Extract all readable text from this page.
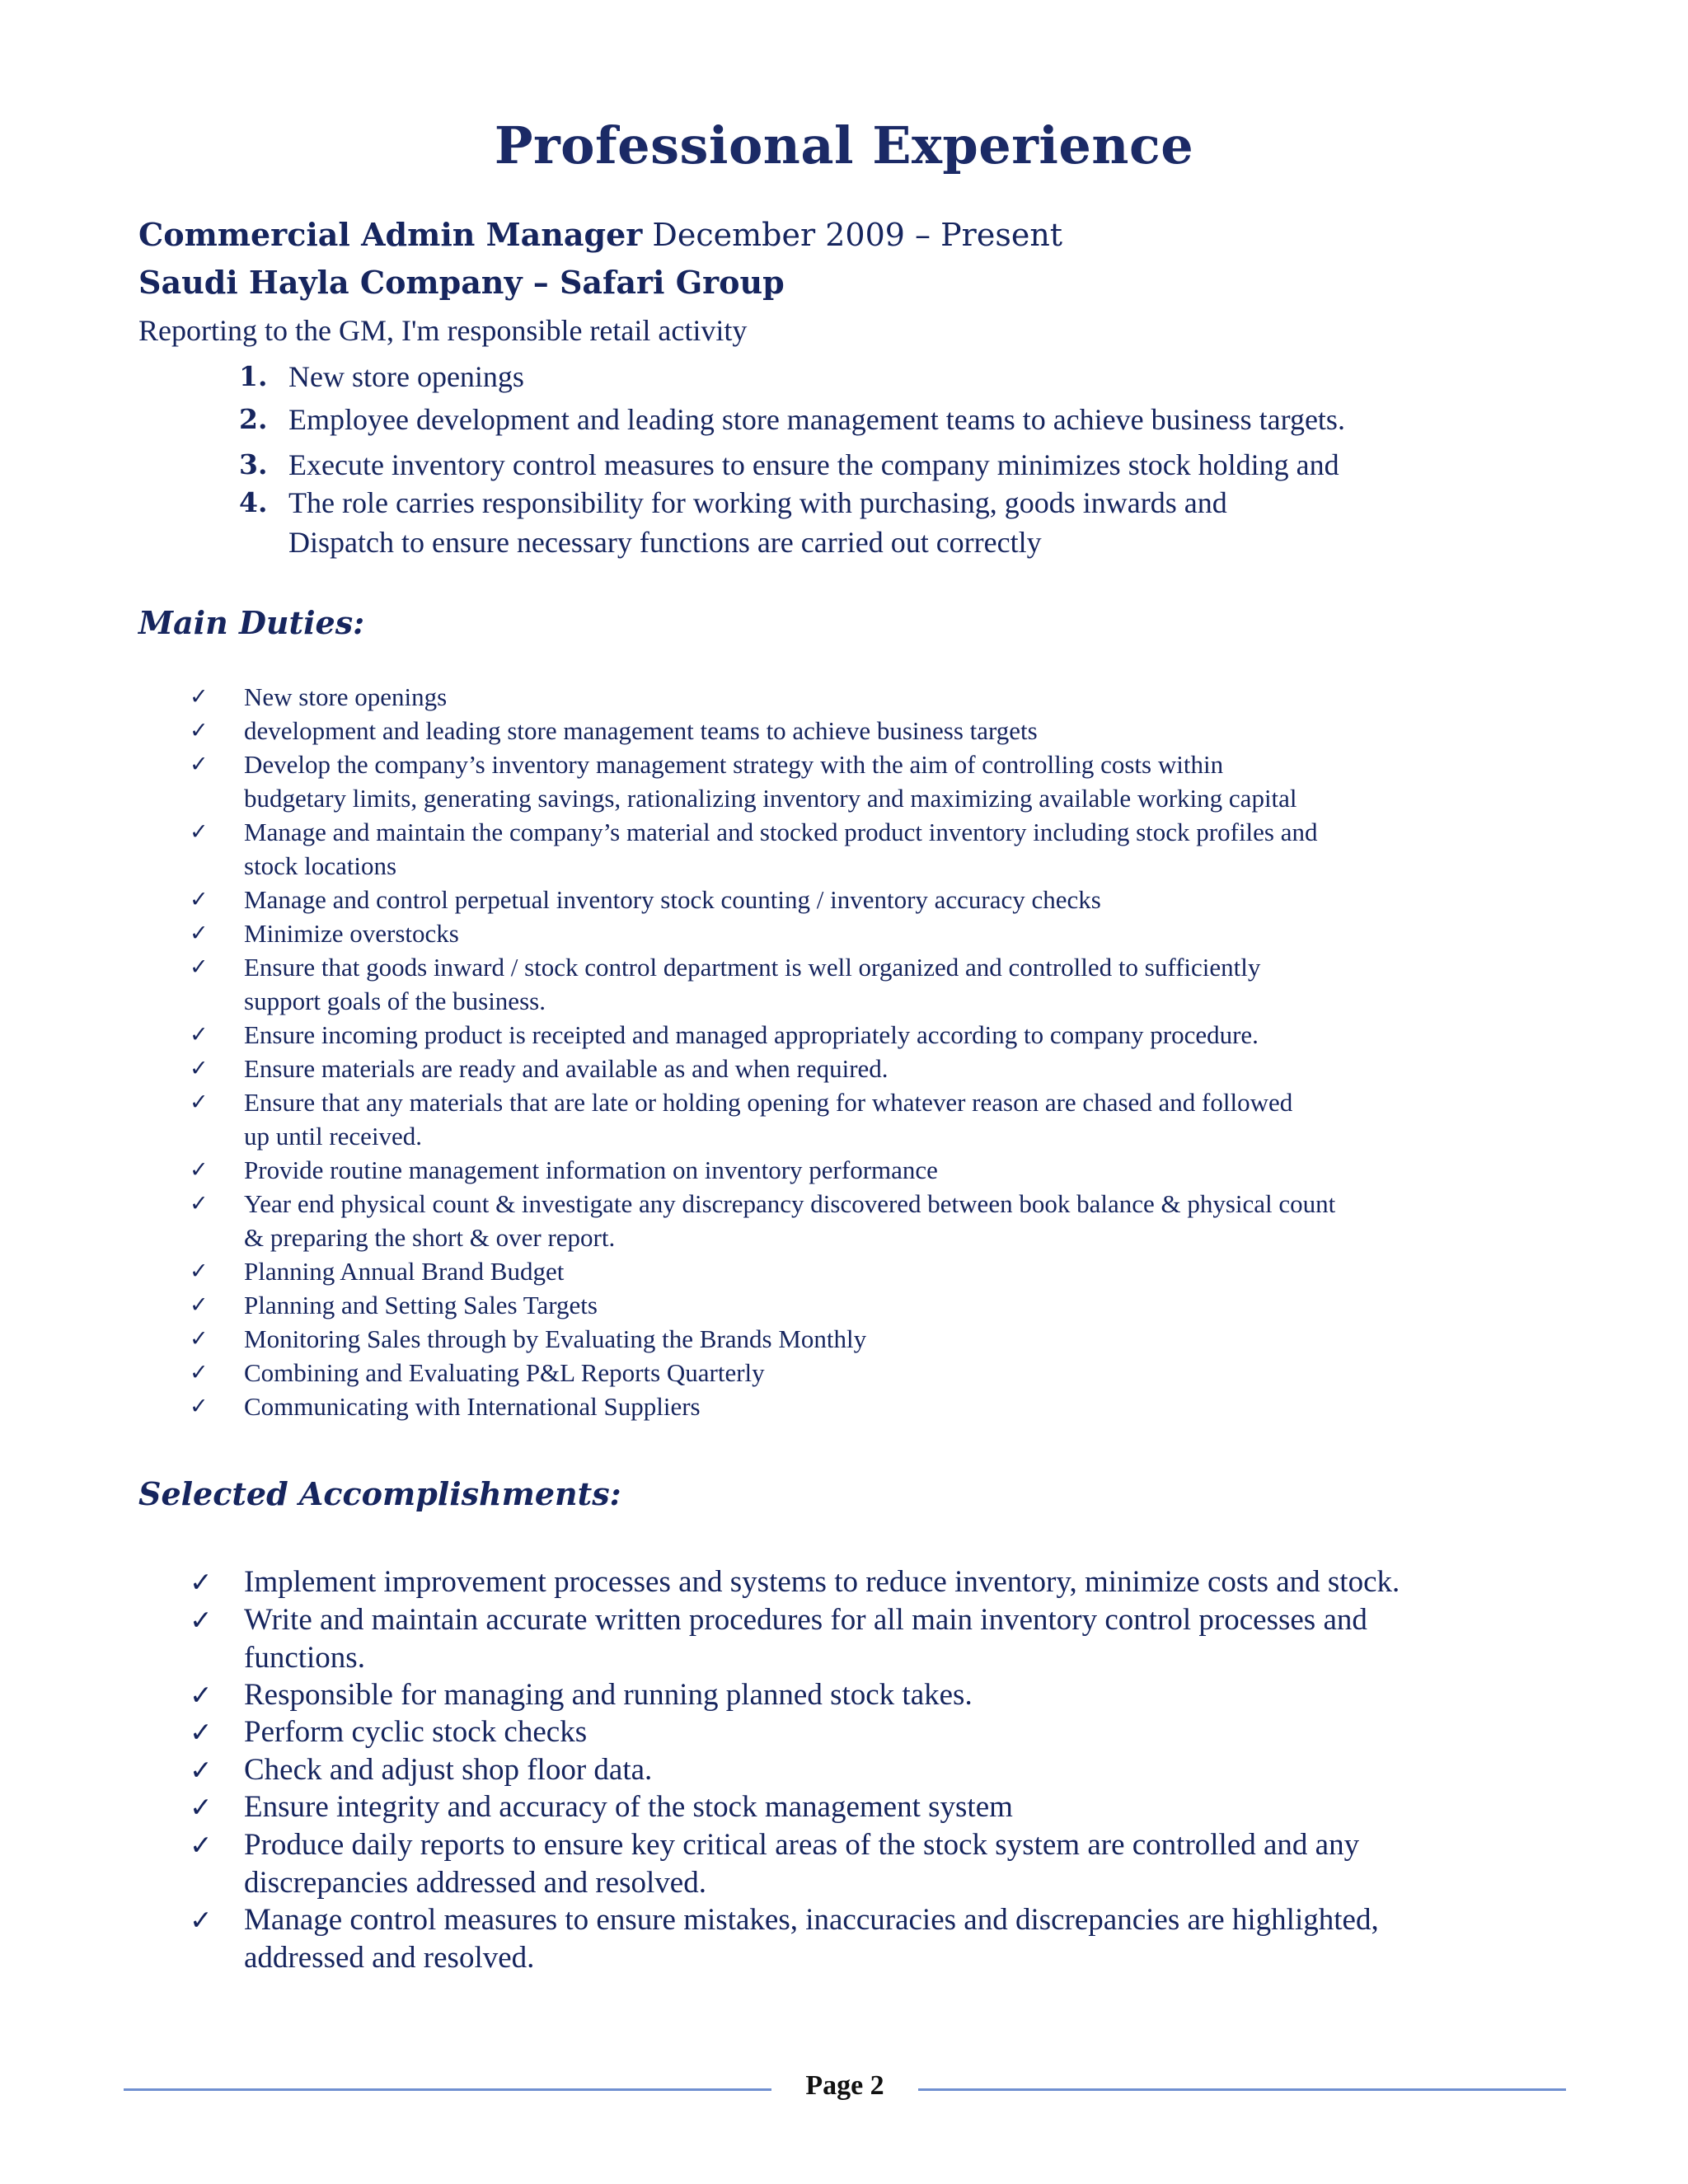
Professional Experience

Commercial Admin Manager December 2009 – Present

Saudi Hayla Company – Safari Group

Reporting to the GM, I'm responsible retail activity

1. New store openings
2. Employee development and leading store management teams to achieve business targets.
3. Execute inventory control measures to ensure the company minimizes stock holding and
4. The role carries responsibility for working with purchasing, goods inwards and
Dispatch to ensure necessary functions are carried out correctly
Main Duties:
✓ New store openings
✓ development and leading store management teams to achieve business targets
✓ Develop the company’s inventory management strategy with the aim of controlling costs within
budgetary limits, generating savings, rationalizing inventory and maximizing available working capital
✓ Manage and maintain the company’s material and stocked product inventory including stock profiles and
stock locations
✓ Manage and control perpetual inventory stock counting / inventory accuracy checks
✓ Minimize overstocks
✓ Ensure that goods inward / stock control department is well organized and controlled to sufficiently
support goals of the business.
✓ Ensure incoming product is receipted and managed appropriately according to company procedure.
✓ Ensure materials are ready and available as and when required.
✓ Ensure that any materials that are late or holding opening for whatever reason are chased and followed
up until received.
✓ Provide routine management information on inventory performance
✓ Year end physical count & investigate any discrepancy discovered between book balance & physical count
& preparing the short & over report.
✓ Planning Annual Brand Budget
✓ Planning and Setting Sales Targets
✓ Monitoring Sales through by Evaluating the Brands Monthly
✓ Combining and Evaluating P&L Reports Quarterly
✓ Communicating with International Suppliers
Selected Accomplishments:
✓ Implement improvement processes and systems to reduce inventory, minimize costs and stock.
✓ Write and maintain accurate written procedures for all main inventory control processes and
functions.
✓ Responsible for managing and running planned stock takes.
✓ Perform cyclic stock checks
✓ Check and adjust shop floor data.
✓ Ensure integrity and accuracy of the stock management system
✓ Produce daily reports to ensure key critical areas of the stock system are controlled and any
discrepancies addressed and resolved.
✓ Manage control measures to ensure mistakes, inaccuracies and discrepancies are highlighted,
addressed and resolved.
Page 2
